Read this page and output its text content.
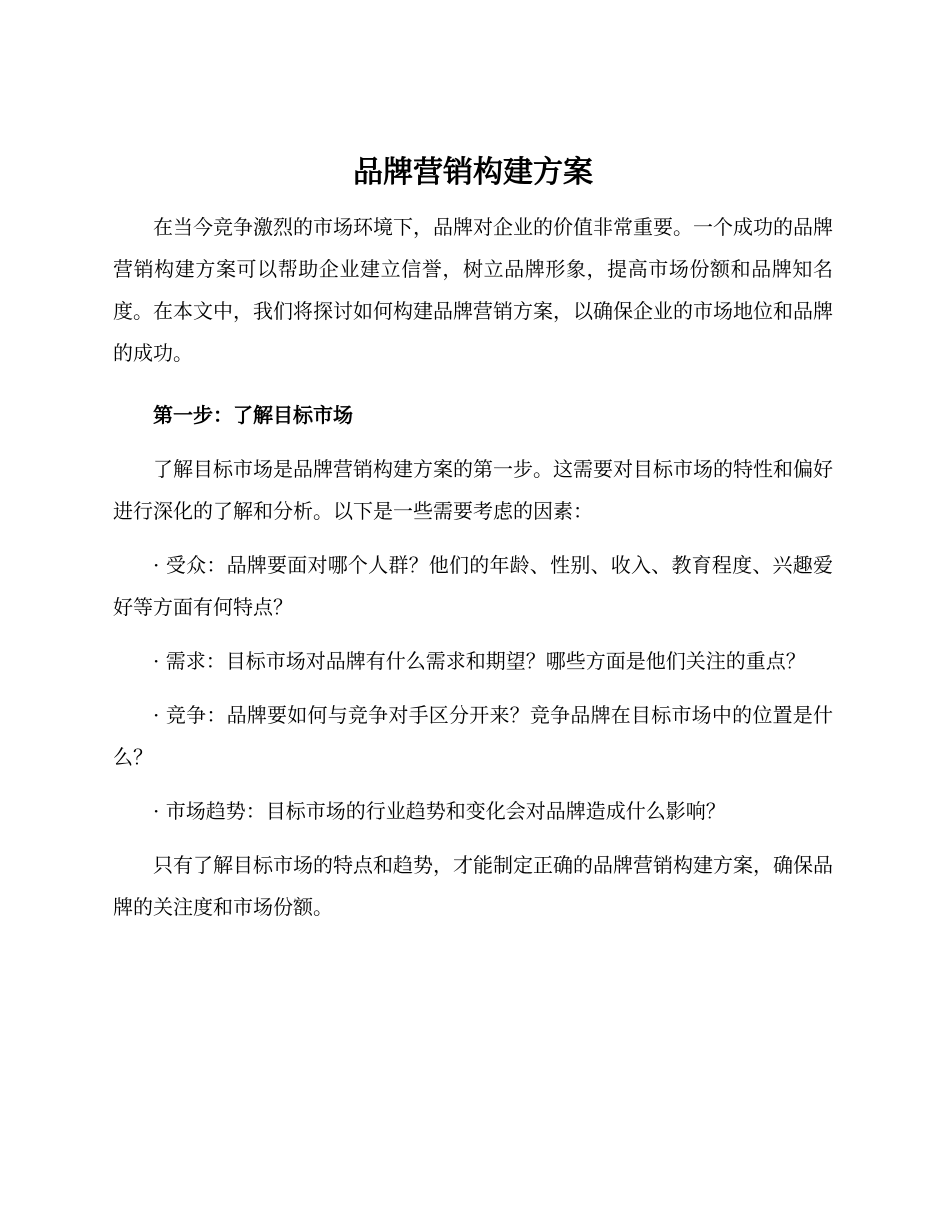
品牌营销构建方案

在当今竞争激烈的市场环境下，品牌对企业的价值非常重要。一个成功的品牌营销构建方案可以帮助企业建立信誉，树立品牌形象，提高市场份额和品牌知名度。在本文中，我们将探讨如何构建品牌营销方案，以确保企业的市场地位和品牌的成功。

第一步：了解目标市场

了解目标市场是品牌营销构建方案的第一步。这需要对目标市场的特性和偏好进行深化的了解和分析。以下是一些需要考虑的因素：

· 受众：品牌要面对哪个人群？他们的年龄、性别、收入、教育程度、兴趣爱好等方面有何特点？

· 需求：目标市场对品牌有什么需求和期望？哪些方面是他们关注的重点？

· 竞争：品牌要如何与竞争对手区分开来？竞争品牌在目标市场中的位置是什么？

· 市场趋势：目标市场的行业趋势和变化会对品牌造成什么影响？

只有了解目标市场的特点和趋势，才能制定正确的品牌营销构建方案，确保品牌的关注度和市场份额。
